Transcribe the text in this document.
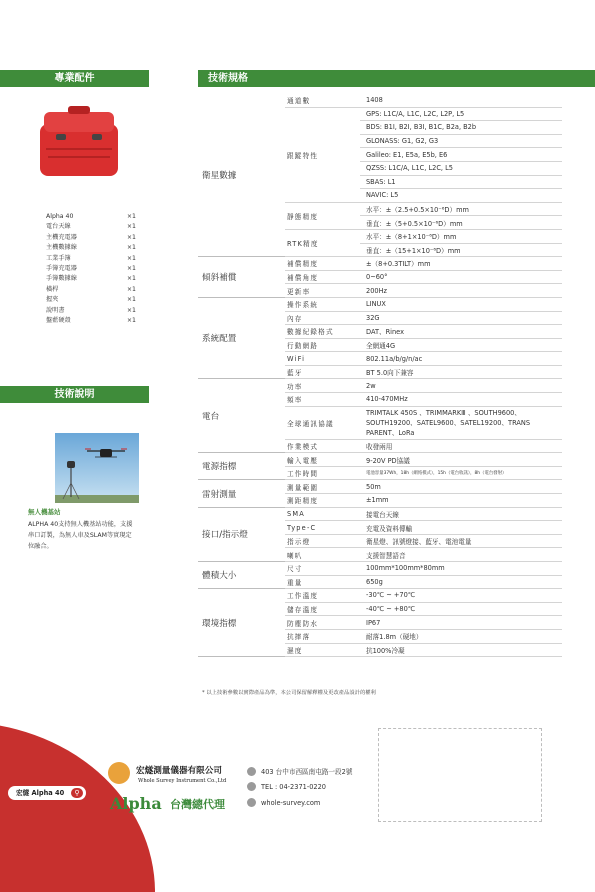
專業配件	技術規格
Alpha 40	×1
電台天線	×1
主機充電器	×1
主機數據線	×1
工業手簿	×1
手簿充電器	×1
手簿數據線	×1
橫桿	×1
握夾	×1
說明書	×1
盤藍硬殼	×1
技術說明
無人機基站
ALPHA 40支持無人機基站功能，支援串口訂製，為無人車及SLAM等實現定位融合。
衛星數據	通道數	1408
	跟蹤特性	GPS: L1C/A, L1C, L2C, L2P, L5
		BDS: B1I, B2I, B3I, B1C, B2a, B2b
		GLONASS: G1, G2, G3
		Galileo: E1, E5a, E5b, E6
		QZSS: L1C/A, L1C, L2C, L5
		SBAS: L1
		NAVIC: L5
	靜態精度	水平：±（2.5+0.5×10⁻⁶D）mm
		垂直：±（5+0.5×10⁻⁶D）mm
	RTK精度	水平：±（8+1×10⁻⁶D）mm
		垂直：±（15+1×10⁻⁶D）mm
傾斜補償	補償精度	±（8+0.3TILT）mm
	補償角度	0~60°
	更新率	200Hz
系統配置	操作系統	LINUX
	內存	32G
	數據紀錄格式	DAT、Rinex
	行動網路	全網通4G
	WiFi	802.11a/b/g/n/ac
	藍牙	BT 5.0向下兼容
電台	功率	2w
	頻率	410-470MHz
	全球通訊協議	TRIMTALK 450S 、TRIMMARKⅢ 、SOUTH9600、SOUTH19200、SATEL9600、SATEL19200、TRANS PARENT、LoRa
	作業模式	收發兩用
電源指標	輸入電壓	9-20V PD協議
	工作時間	電池容量37Wh，18h（網絡模式），15h（電台收訊），8h（電台發射）
雷射測量	測量範圍	50m
	測距精度	±1mm
接口/指示燈	SMA	接電台天線
	Type-C	充電及資料傳輸
	指示燈	衛星燈、訊號燈接、藍牙、電池電量
	喇叭	支援智慧語音
體積大小	尺寸	100mm*100mm*80mm
	重量	650g
環境指標	工作溫度	-30℃ ~ +70℃
	儲存溫度	-40℃ ~ +80℃
	防塵防水	IP67
	抗摔落	耐落1.8m（硬地）
	濕度	抗100%冷凝
* 以上技術參數以實際產品為準，本公司保留解釋權及更改產品設計的權利
宏燧 Alpha 40	⚲
宏燧測量儀器有限公司
Whole Survey Instrument Co.,Ltd
Alpha 台灣總代理
403 台中市西區南屯路一段2號
TEL : 04-2371-0220
whole-survey.com
